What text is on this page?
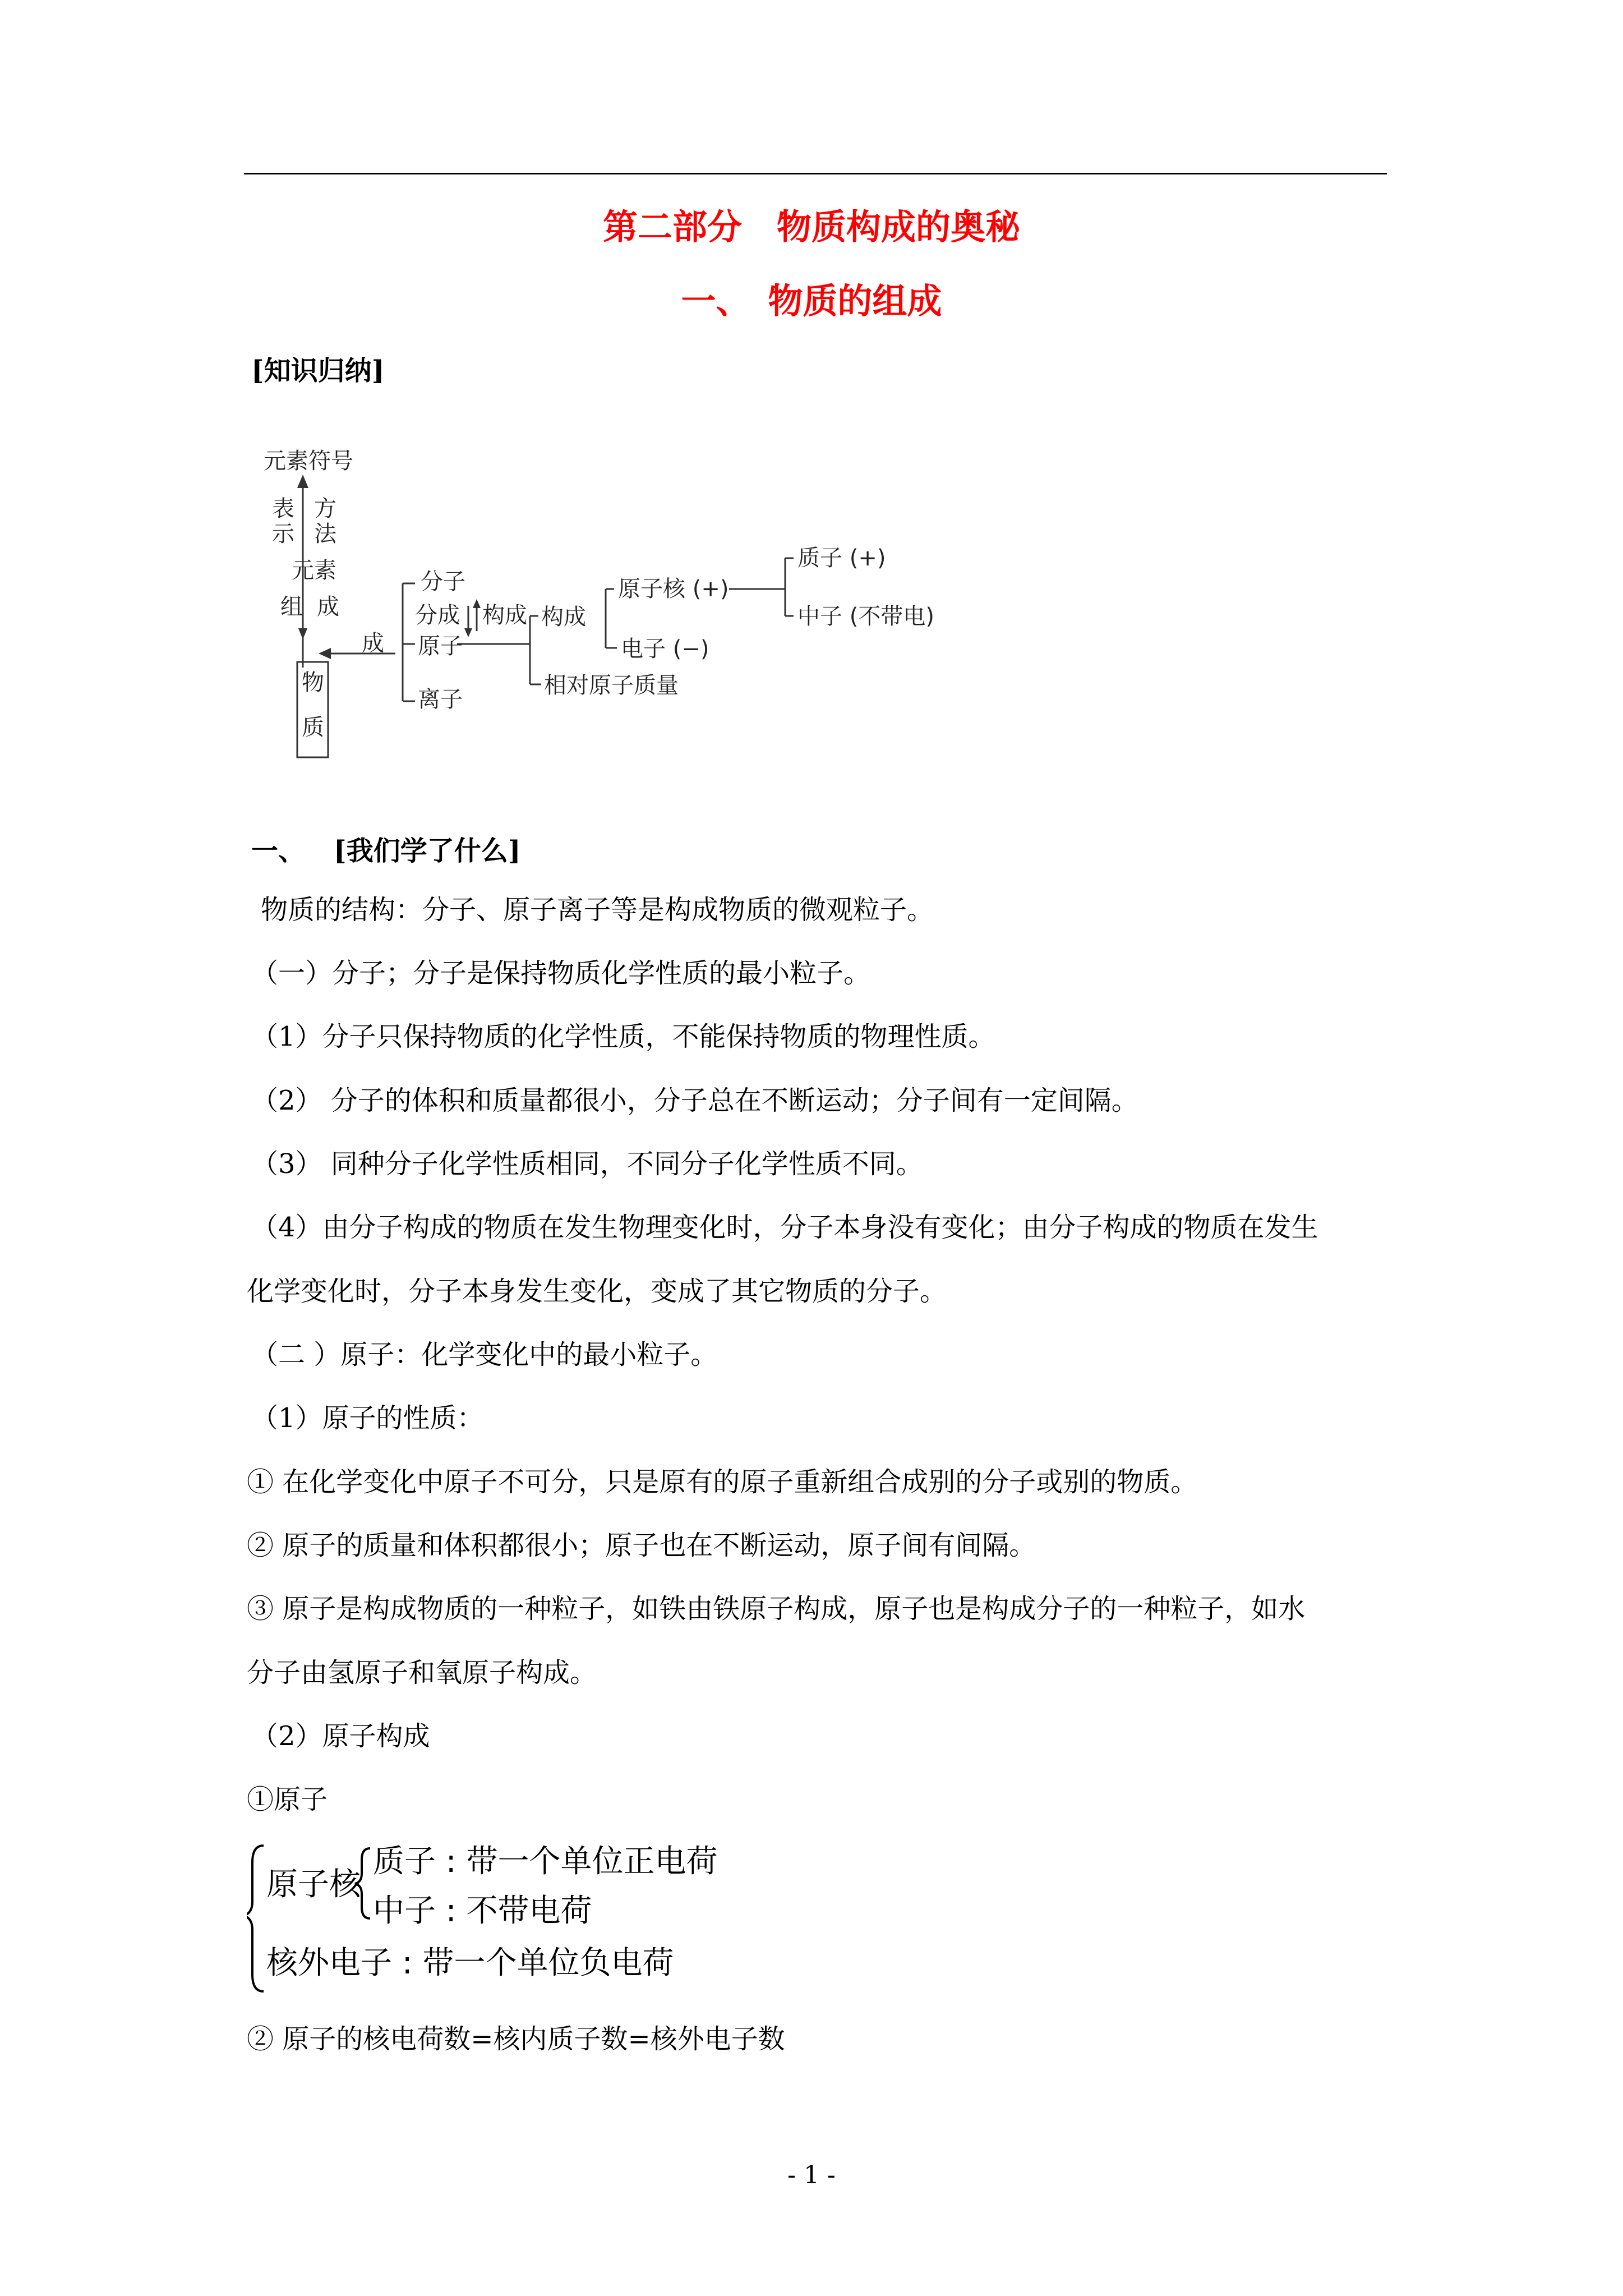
第二部分　物质构成的奥秘
一、　物质的组成
[知识归纳]
元素符号
表
示
方
法
元 素
组 成
物
质
成
分子
分成 构成
原子
离子
构成
原子核 (+)
电子 (−)
质子 (+)
中子 (不带电)
相对原子质量
一、 [我们学了什么]
物质的结构：分子、原子离子等是构成物质的微观粒子。
（一）分子；分子是保持物质化学性质的最小粒子。
（1）分子只保持物质的化学性质，不能保持物质的物理性质。
（2） 分子的体积和质量都很小，分子总在不断运动；分子间有一定间隔。
（3） 同种分子化学性质相同，不同分子化学性质不同。
（4）由分子构成的物质在发生物理变化时，分子本身没有变化；由分子构成的物质在发生
化学变化时，分子本身发生变化，变成了其它物质的分子。
（二 ）原子：化学变化中的最小粒子。
（1）原子的性质：
① 在化学变化中原子不可分，只是原有的原子重新组合成别的分子或别的物质。
② 原子的质量和体积都很小；原子也在不断运动，原子间有间隔。
③ 原子是构成物质的一种粒子，如铁由铁原子构成，原子也是构成分子的一种粒子，如水
分子由氢原子和氧原子构成。
（2）原子构成
①原子
原子核
质子 : 带一个单位正电荷
中子 : 不带电荷
核外电子 : 带一个单位负电荷
② 原子的核电荷数=核内质子数=核外电子数
- 1 -
